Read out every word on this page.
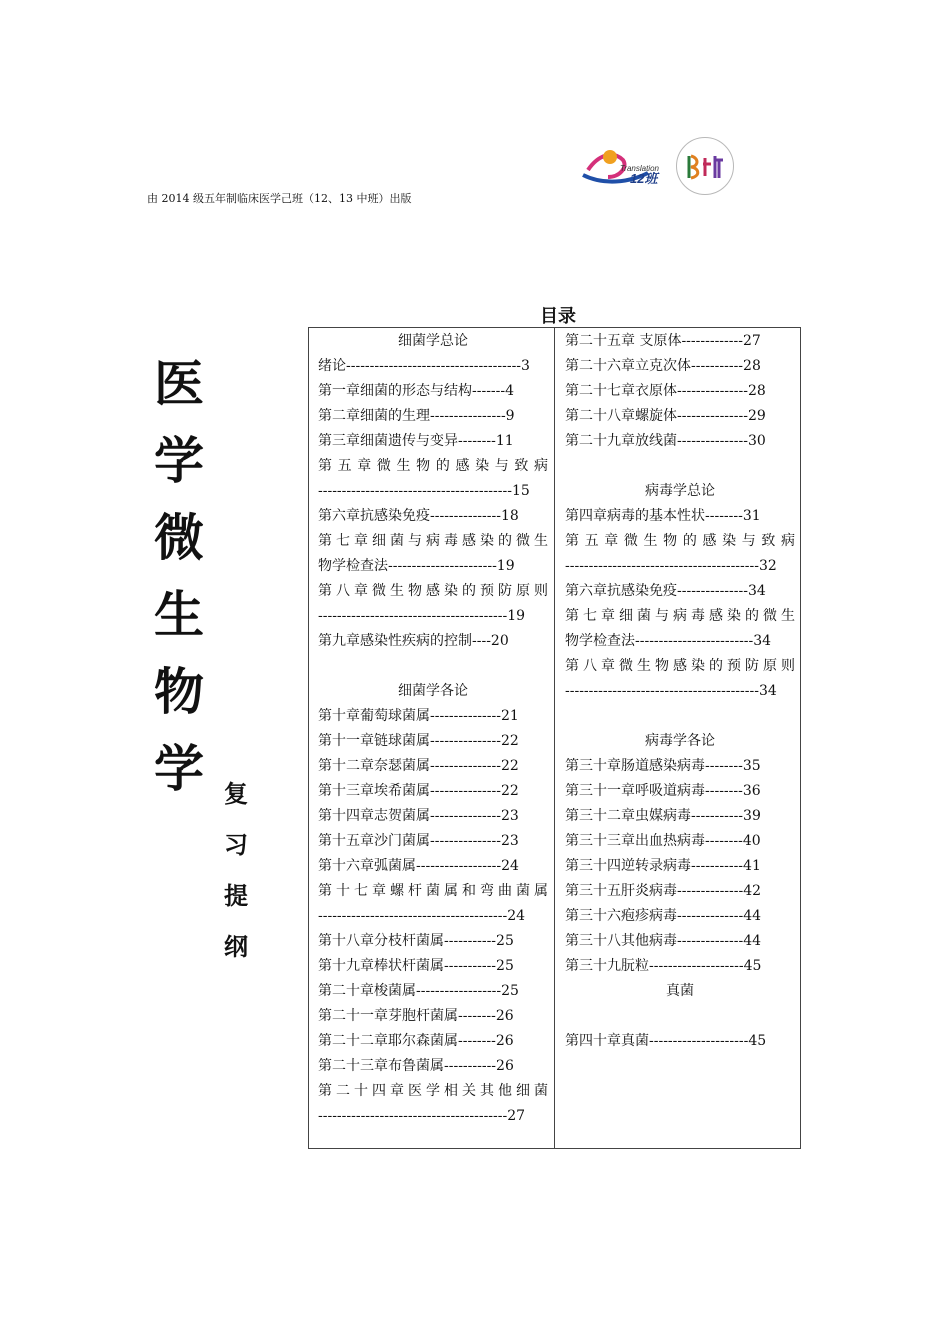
由 2014 级五年制临床医学己班（12、13 中班）出版
Translation
12班
医
学
微
生
物
学 复
习
提
纲
目录
细菌学总论
绪论-------------------------------------3
第一章细菌的形态与结构-------4
第二章细菌的生理----------------9
第三章细菌遗传与变异--------11
第五章微生物的感染与致病
-----------------------------------------15
第六章抗感染免疫---------------18
第七章细菌与病毒感染的微生
物学检查法-----------------------19
第八章微生物感染的预防原则
----------------------------------------19
第九章感染性疾病的控制----20
细菌学各论
第十章葡萄球菌属---------------21
第十一章链球菌属---------------22
第十二章奈瑟菌属---------------22
第十三章埃希菌属---------------22
第十四章志贺菌属---------------23
第十五章沙门菌属---------------23
第十六章弧菌属------------------24
第十七章螺杆菌属和弯曲菌属
----------------------------------------24
第十八章分枝杆菌属-----------25
第十九章棒状杆菌属-----------25
第二十章梭菌属------------------25
第二十一章芽胞杆菌属--------26
第二十二章耶尔森菌属--------26
第二十三章布鲁菌属-----------26
第二十四章医学相关其他细菌
----------------------------------------27
第二十五章 支原体-------------27
第二十六章立克次体-----------28
第二十七章衣原体---------------28
第二十八章螺旋体---------------29
第二十九章放线菌---------------30
病毒学总论
第四章病毒的基本性状--------31
第五章微生物的感染与致病
-----------------------------------------32
第六章抗感染免疫---------------34
第七章细菌与病毒感染的微生
物学检查法-------------------------34
第八章微生物感染的预防原则
-----------------------------------------34
病毒学各论
第三十章肠道感染病毒--------35
第三十一章呼吸道病毒--------36
第三十二章虫媒病毒-----------39
第三十三章出血热病毒--------40
第三十四逆转录病毒-----------41
第三十五肝炎病毒--------------42
第三十六疱疹病毒--------------44
第三十八其他病毒--------------44
第三十九朊粒--------------------45
真菌
第四十章真菌---------------------45
